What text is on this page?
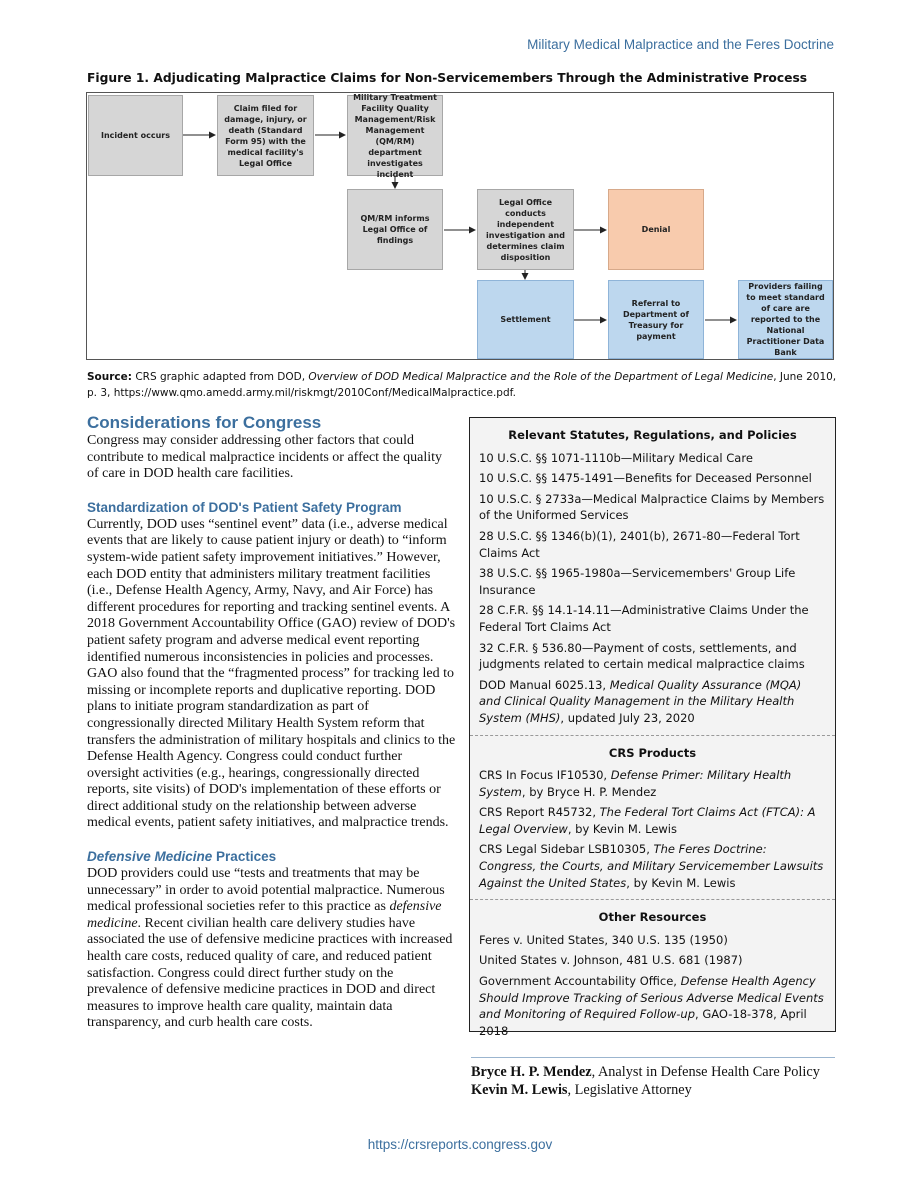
Military Medical Malpractice and the Feres Doctrine
Figure 1. Adjudicating Malpractice Claims for Non-Servicemembers Through the Administrative Process
Incident occurs
Claim filed for damage, injury, or death (Standard Form 95) with the medical facility's Legal Office
Military Treatment Facility Quality Management/Risk Management (QM/RM) department investigates incident
QM/RM informs Legal Office of findings
Legal Office conducts independent investigation and determines claim disposition
Denial
Settlement
Referral to Department of Treasury for payment
Providers failing to meet standard of care are reported to the National Practitioner Data Bank
Source: CRS graphic adapted from DOD, Overview of DOD Medical Malpractice and the Role of the Department of Legal Medicine, June 2010, p. 3, https://www.qmo.amedd.army.mil/riskmgt/2010Conf/MedicalMalpractice.pdf.
Considerations for Congress

Congress may consider addressing other factors that could contribute to medical malpractice incidents or affect the quality of care in DOD health care facilities.

Standardization of DOD's Patient Safety Program

Currently, DOD uses “sentinel event” data (i.e., adverse medical events that are likely to cause patient injury or death) to “inform system-wide patient safety improvement initiatives.” However, each DOD entity that administers military treatment facilities (i.e., Defense Health Agency, Army, Navy, and Air Force) has different procedures for reporting and tracking sentinel events. A 2018 Government Accountability Office (GAO) review of DOD's patient safety program and adverse medical event reporting identified numerous inconsistencies in policies and processes. GAO also found that the “fragmented process” for tracking led to missing or incomplete reports and duplicative reporting. DOD plans to initiate program standardization as part of congressionally directed Military Health System reform that transfers the administration of military hospitals and clinics to the Defense Health Agency. Congress could conduct further oversight activities (e.g., hearings, congressionally directed reports, site visits) of DOD's implementation of these efforts or direct additional study on the relationship between adverse medical events, patient safety initiatives, and malpractice trends.

Defensive Medicine Practices

DOD providers could use “tests and treatments that may be unnecessary” in order to avoid potential malpractice. Numerous medical professional societies refer to this practice as defensive medicine. Recent civilian health care delivery studies have associated the use of defensive medicine practices with increased health care costs, reduced quality of care, and reduced patient satisfaction. Congress could direct further study on the prevalence of defensive medicine practices in DOD and direct measures to improve health care quality, maintain data transparency, and curb health care costs.

Relevant Statutes, Regulations, and Policies
10 U.S.C. §§ 1071-1110b—Military Medical Care
10 U.S.C. §§ 1475-1491—Benefits for Deceased Personnel
10 U.S.C. § 2733a—Medical Malpractice Claims by Members of the Uniformed Services
28 U.S.C. §§ 1346(b)(1), 2401(b), 2671-80—Federal Tort Claims Act
38 U.S.C. §§ 1965-1980a—Servicemembers' Group Life Insurance
28 C.F.R. §§ 14.1-14.11—Administrative Claims Under the Federal Tort Claims Act
32 C.F.R. § 536.80—Payment of costs, settlements, and judgments related to certain medical malpractice claims
DOD Manual 6025.13, Medical Quality Assurance (MQA) and Clinical Quality Management in the Military Health System (MHS), updated July 23, 2020
CRS Products
CRS In Focus IF10530, Defense Primer: Military Health System, by Bryce H. P. Mendez
CRS Report R45732, The Federal Tort Claims Act (FTCA): A Legal Overview, by Kevin M. Lewis
CRS Legal Sidebar LSB10305, The Feres Doctrine: Congress, the Courts, and Military Servicemember Lawsuits Against the United States, by Kevin M. Lewis
Other Resources
Feres v. United States, 340 U.S. 135 (1950)
United States v. Johnson, 481 U.S. 681 (1987)
Government Accountability Office, Defense Health Agency Should Improve Tracking of Serious Adverse Medical Events and Monitoring of Required Follow-up, GAO-18-378, April 2018
Bryce H. P. Mendez, Analyst in Defense Health Care Policy
Kevin M. Lewis, Legislative Attorney
https://crsreports.congress.gov
